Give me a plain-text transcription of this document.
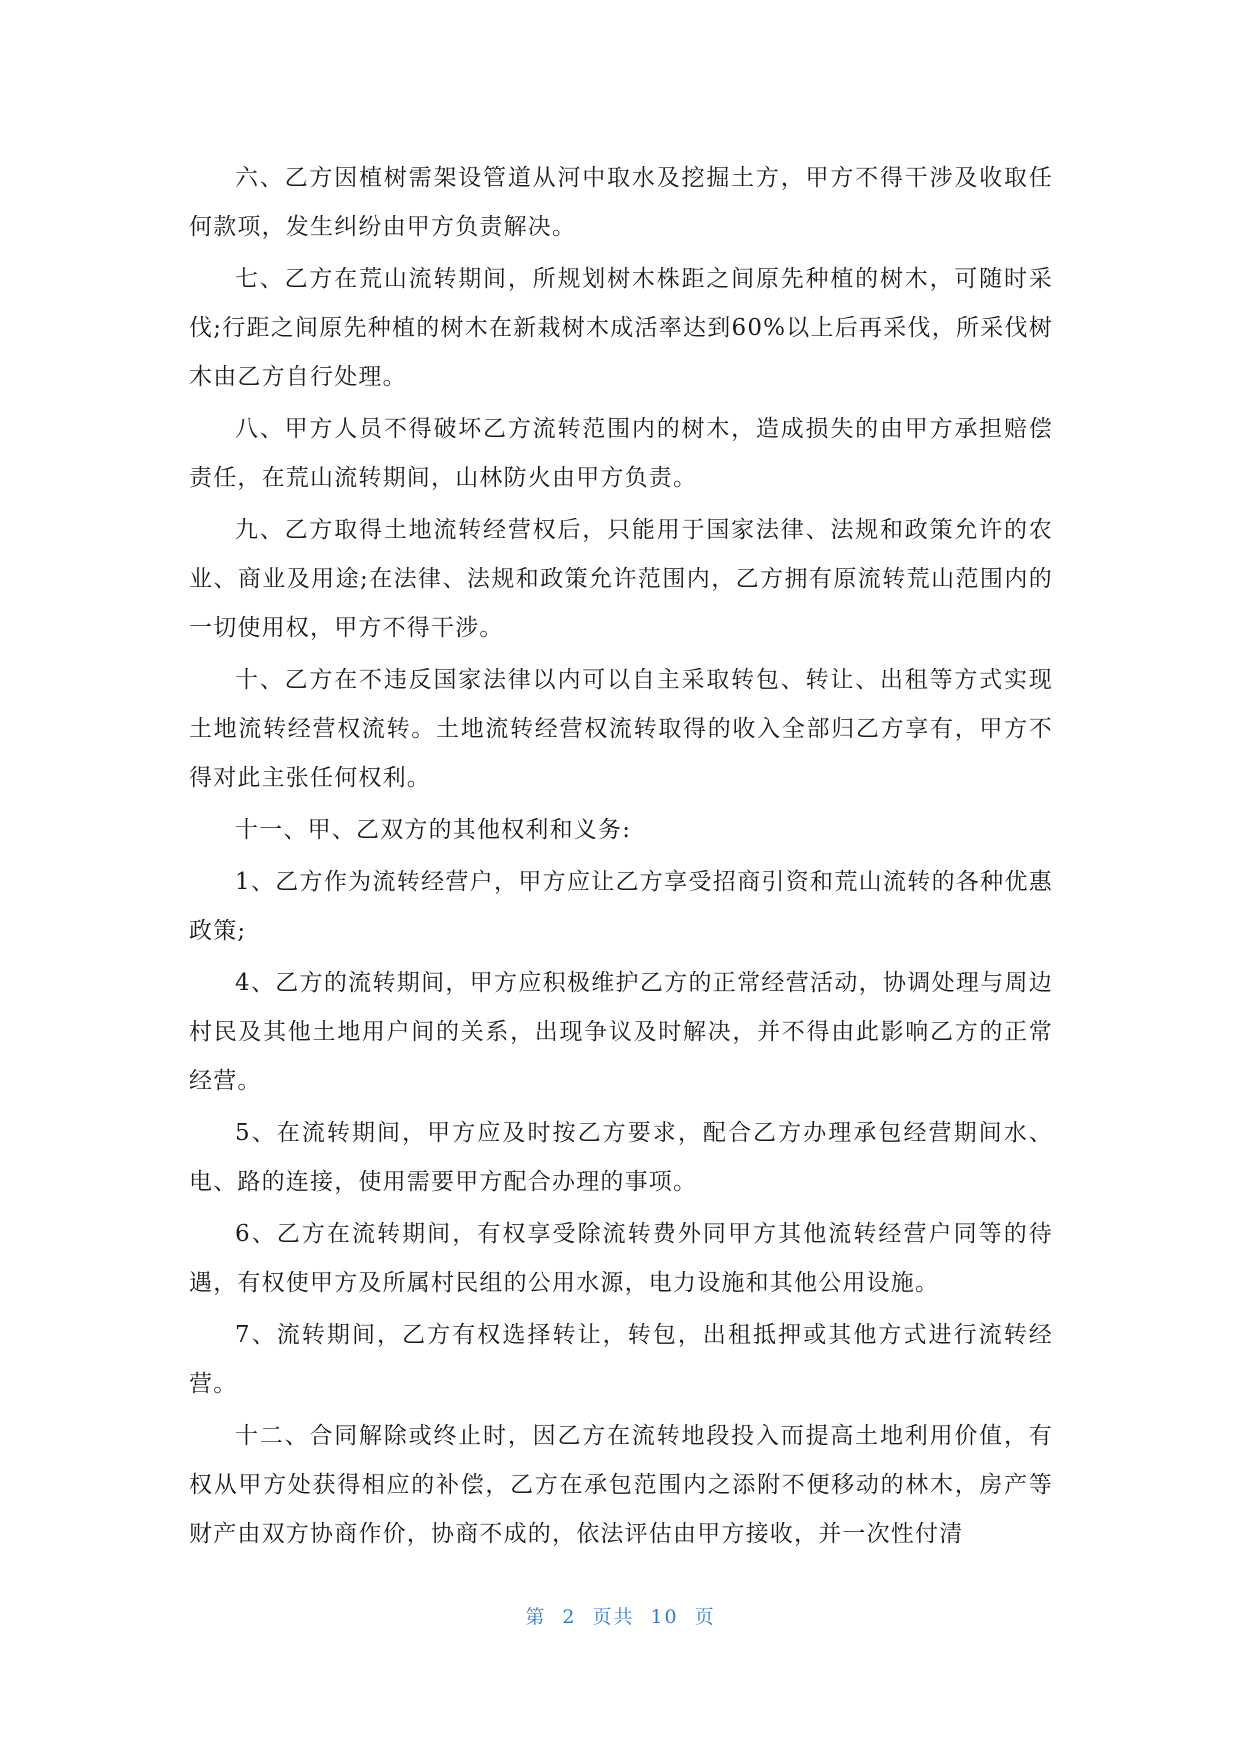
六、乙方因植树需架设管道从河中取水及挖掘土方，甲方不得干涉及收取任何款项，发生纠纷由甲方负责解决。

七、乙方在荒山流转期间，所规划树木株距之间原先种植的树木，可随时采伐;行距之间原先种植的树木在新栽树木成活率达到60%以上后再采伐，所采伐树木由乙方自行处理。

八、甲方人员不得破坏乙方流转范围内的树木，造成损失的由甲方承担赔偿责任，在荒山流转期间，山林防火由甲方负责。

九、乙方取得土地流转经营权后，只能用于国家法律、法规和政策允许的农业、商业及用途;在法律、法规和政策允许范围内，乙方拥有原流转荒山范围内的一切使用权，甲方不得干涉。

十、乙方在不违反国家法律以内可以自主采取转包、转让、出租等方式实现土地流转经营权流转。土地流转经营权流转取得的收入全部归乙方享有，甲方不得对此主张任何权利。

十一、甲、乙双方的其他权利和义务:

1、乙方作为流转经营户，甲方应让乙方享受招商引资和荒山流转的各种优惠政策;

4、乙方的流转期间，甲方应积极维护乙方的正常经营活动，协调处理与周边村民及其他土地用户间的关系，出现争议及时解决，并不得由此影响乙方的正常经营。

5、在流转期间，甲方应及时按乙方要求，配合乙方办理承包经营期间水、电、路的连接，使用需要甲方配合办理的事项。

6、乙方在流转期间，有权享受除流转费外同甲方其他流转经营户同等的待遇，有权使甲方及所属村民组的公用水源，电力设施和其他公用设施。

7、流转期间，乙方有权选择转让，转包，出租抵押或其他方式进行流转经营。

十二、合同解除或终止时，因乙方在流转地段投入而提高土地利用价值，有权从甲方处获得相应的补偿，乙方在承包范围内之添附不便移动的林木，房产等财产由双方协商作价，协商不成的，依法评估由甲方接收，并一次性付清

第 2 页共 10 页
